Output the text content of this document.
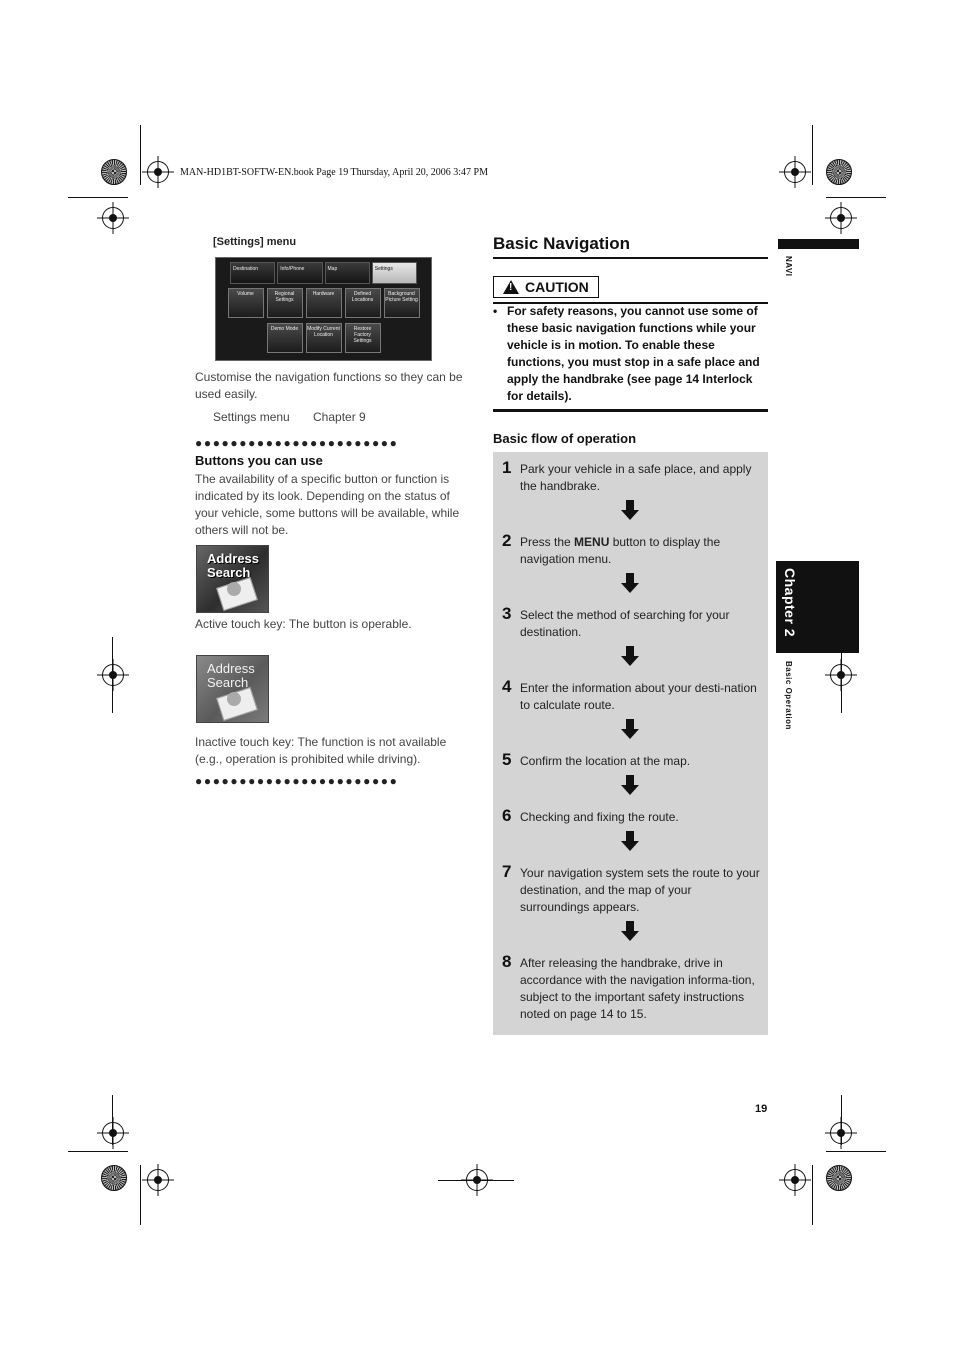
MAN-HD1BT-SOFTW-EN.book Page 19 Thursday, April 20, 2006 3:47 PM
[Settings] menu
Destination	Info/Phone	Map	Settings
Volume	Regional Settings
Hardware	Defined Locations
Background Picture Setting
Demo Mode	Modify Current Location
Restore Factory Settings
Customise the navigation functions so they can be used easily.
Settings menu Chapter 9
●●●●●●●●●●●●●●●●●●●●●●●
Buttons you can use
The availability of a specific button or function is indicated by its look. Depending on the status of your vehicle, some buttons will be available, while others will not be.
Address
Search
Active touch key: The button is operable.
Address
Search
Inactive touch key: The function is not available (e.g., operation is prohibited while driving).
●●●●●●●●●●●●●●●●●●●●●●●
Basic Navigation
! CAUTION
• For safety reasons, you cannot use some of these basic navigation functions while your vehicle is in motion. To enable these functions, you must stop in a safe place and apply the handbrake (see page 14 Interlock for details).
Basic flow of operation
1 Park your vehicle in a safe place, and apply the handbrake.
2 Press the MENU button to display the navigation menu.
3 Select the method of searching for your destination.
4 Enter the information about your desti-nation to calculate route.
5 Confirm the location at the map.
6 Checking and fixing the route.
7 Your navigation system sets the route to your destination, and the map of your surroundings appears.
8 After releasing the handbrake, drive in accordance with the navigation informa-tion, subject to the important safety instructions noted on page 14 to 15.
NAVI
Chapter 2
Basic Operation
19
